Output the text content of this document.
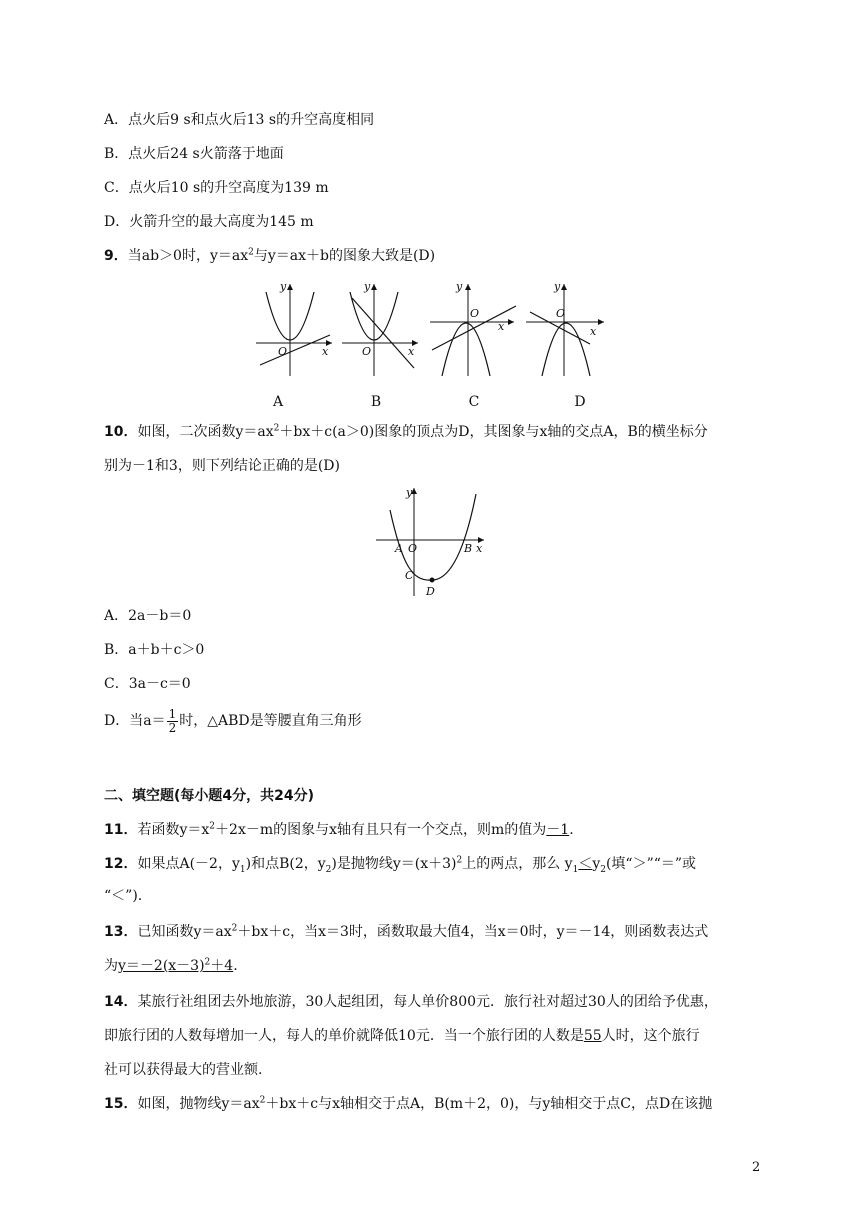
A．点火后9 s和点火后13 s的升空高度相同
B．点火后24 s火箭落于地面
C．点火后10 s的升空高度为139 m
D．火箭升空的最大高度为145 m
9．当ab＞0时，$y=ax^2$与y＝ax＋b的图象大致是(D)
y
x
O
y
x
O
y
x
O
y
x
O
A	B	C	D
10．如图，二次函数$y=ax^2+bx+c(a>0)$图象的顶点为D，其图象与x轴的交点A，B的横坐标分
别为－1和3，则下列结论正确的是(D)
y
x
A O	B
C
D
A．2a－b＝0
B．a＋b＋c＞0
C．3a－c＝0
D．当$a= \frac{1}{2}$ 时，△ABD是等腰直角三角形
二、填空题(每小题4分，共24分)
11．若函数$y=x^2+2x-m$的图象与x轴有且只有一个交点，则m的值为－1.
12．如果点A(－2，$y_1$)和点B(2，$y_2$)是抛物线$y=(x+3)^2$上的两点，那么 $y_1<y_2$(填“＞”“＝”或
“＜”).
13．已知函数$y=ax^2+bx+c$，当x＝3时，函数取最大值4，当x＝0时，y＝－14，则函数表达式
为$y=-2(x-3)^2+4$.
14．某旅行社组团去外地旅游，30人起组团，每人单价800元．旅行社对超过30人的团给予优惠，
即旅行团的人数每增加一人，每人的单价就降低10元．当一个旅行团的人数是55人时，这个旅行
社可以获得最大的营业额.
15．如图，抛物线$y=ax^2+bx+c$与x轴相交于点A，B(m＋2，0)，与y轴相交于点C，点D在该抛
2
